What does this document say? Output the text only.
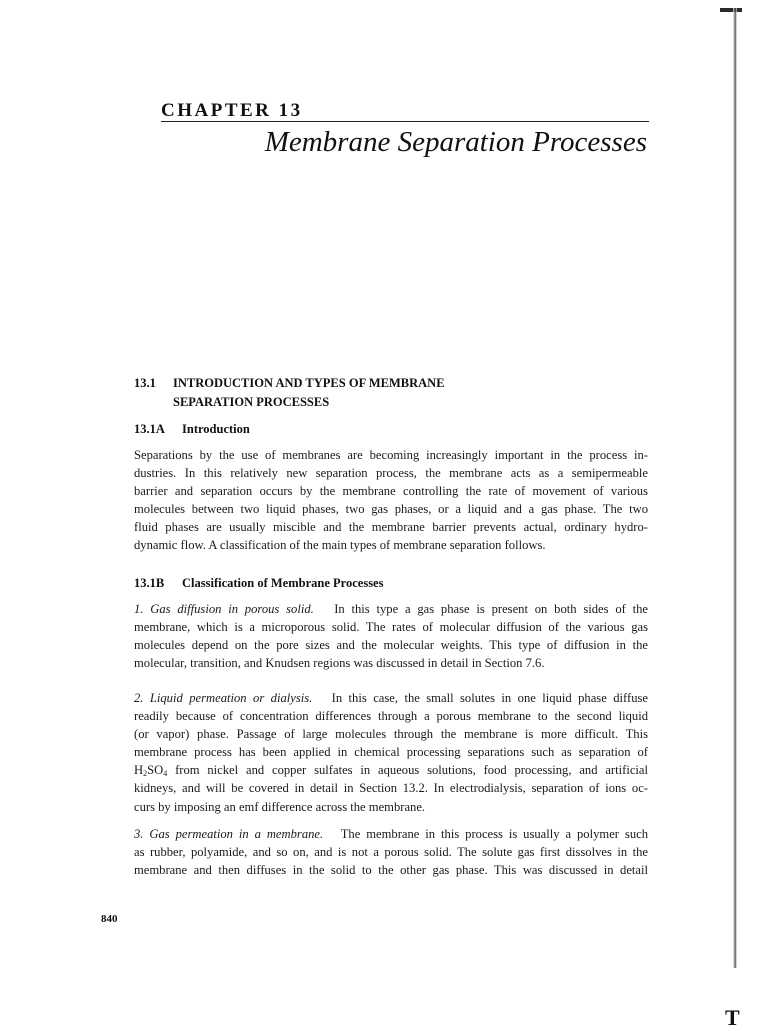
T
CHAPTER 13
Membrane Separation Processes
13.1 INTRODUCTION AND TYPES OF MEMBRANE
SEPARATION PROCESSES
13.1A Introduction
Separations by the use of membranes are becoming increasingly important in the process in-
dustries. In this relatively new separation process, the membrane acts as a semipermeable
barrier and separation occurs by the membrane controlling the rate of movement of various
molecules between two liquid phases, two gas phases, or a liquid and a gas phase. The two
fluid phases are usually miscible and the membrane barrier prevents actual, ordinary hydro-
dynamic flow. A classification of the main types of membrane separation follows.
13.1B Classification of Membrane Processes
1. Gas diffusion in porous solid. In this type a gas phase is present on both sides of the
membrane, which is a microporous solid. The rates of molecular diffusion of the various gas
molecules depend on the pore sizes and the molecular weights. This type of diffusion in the
molecular, transition, and Knudsen regions was discussed in detail in Section 7.6.
2. Liquid permeation or dialysis. In this case, the small solutes in one liquid phase diffuse
readily because of concentration differences through a porous membrane to the second liquid
(or vapor) phase. Passage of large molecules through the membrane is more difficult. This
membrane process has been applied in chemical processing separations such as separation of
$H_2SO_4$ from nickel and copper sulfates in aqueous solutions, food processing, and artificial
kidneys, and will be covered in detail in Section 13.2. In electrodialysis, separation of ions oc-
curs by imposing an emf difference across the membrane.
3. Gas permeation in a membrane. The membrane in this process is usually a polymer such
as rubber, polyamide, and so on, and is not a porous solid. The solute gas first dissolves in the
membrane and then diffuses in the solid to the other gas phase. This was discussed in detail
840
